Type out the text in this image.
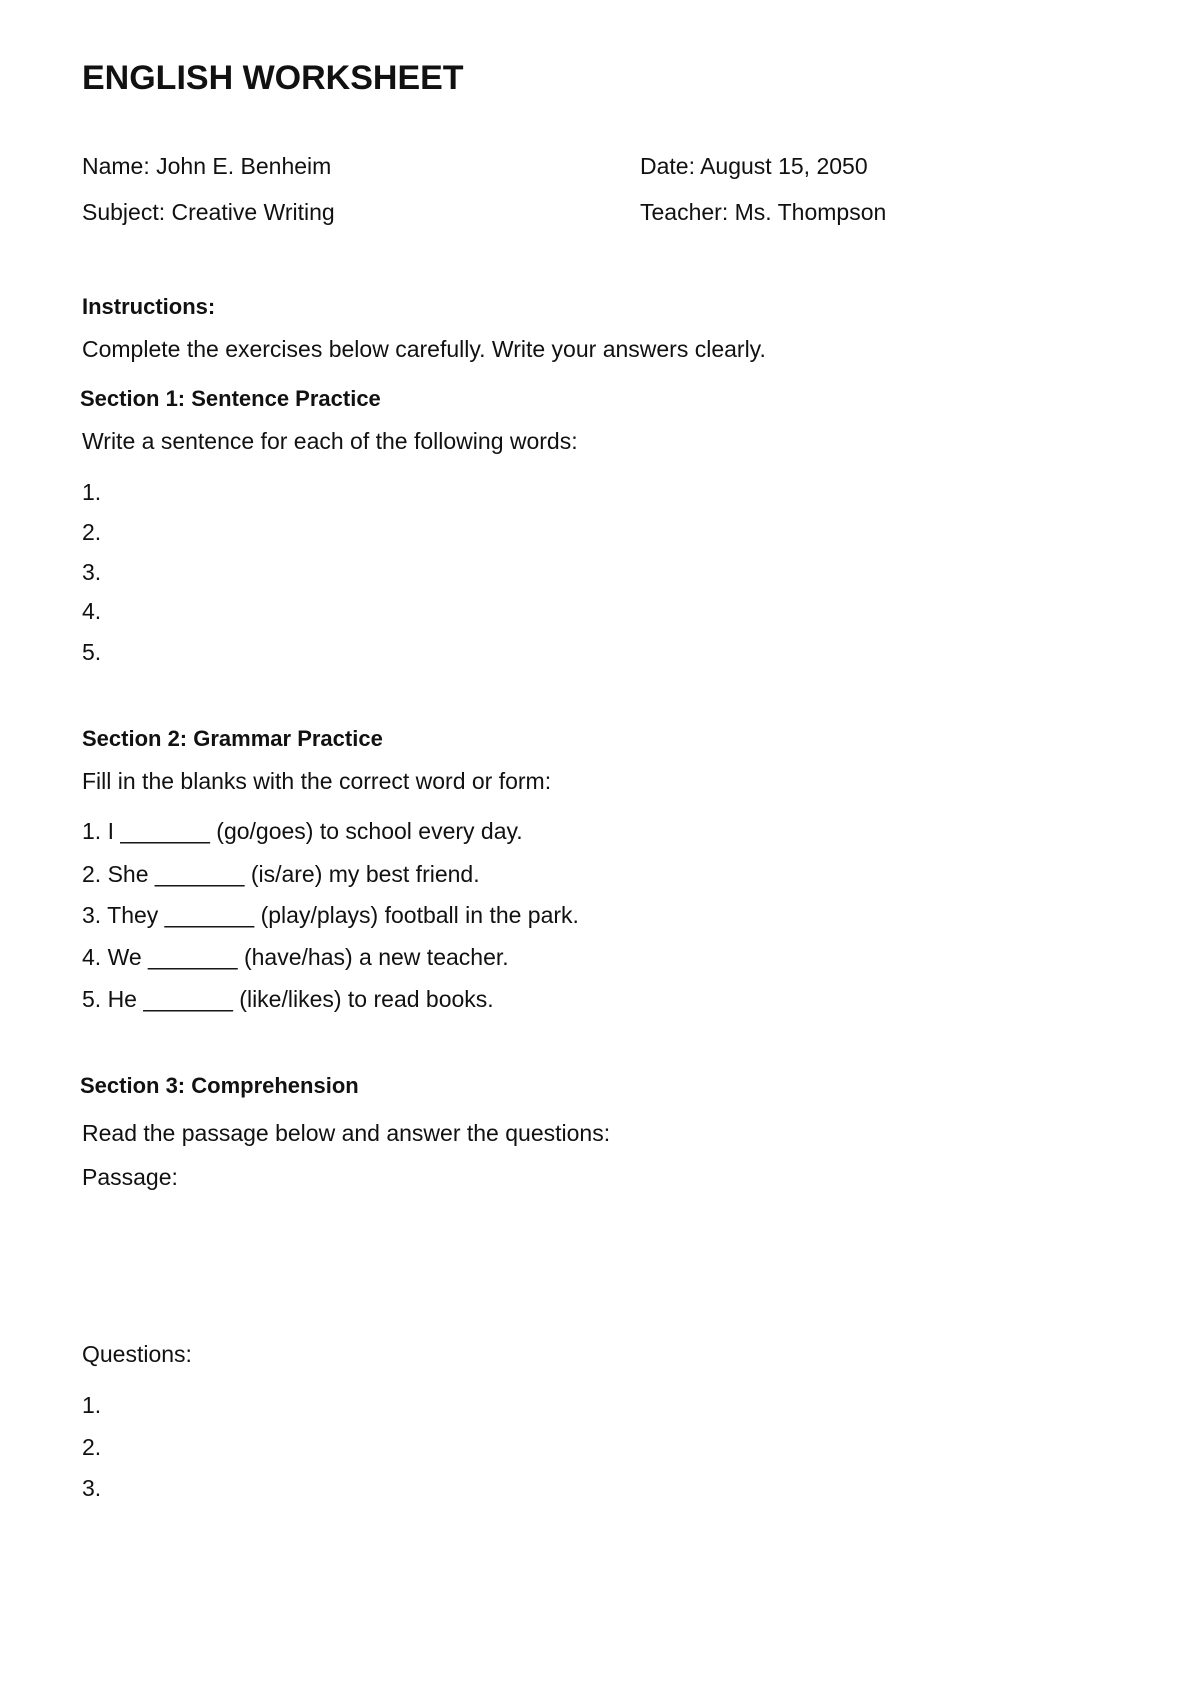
ENGLISH WORKSHEET
Name: John E. Benheim	Date: August 15, 2050
Subject: Creative Writing	Teacher: Ms. Thompson
Instructions:
Complete the exercises below carefully. Write your answers clearly.
Section 1: Sentence Practice
Write a sentence for each of the following words:
1.
2.
3.
4.
5.
Section 2: Grammar Practice
Fill in the blanks with the correct word or form:
1. I _______ (go/goes) to school every day.
2. She _______ (is/are) my best friend.
3. They _______ (play/plays) football in the park.
4. We _______ (have/has) a new teacher.
5. He _______ (like/likes) to read books.
Section 3: Comprehension
Read the passage below and answer the questions:
Passage:
Questions:
1.
2.
3.
